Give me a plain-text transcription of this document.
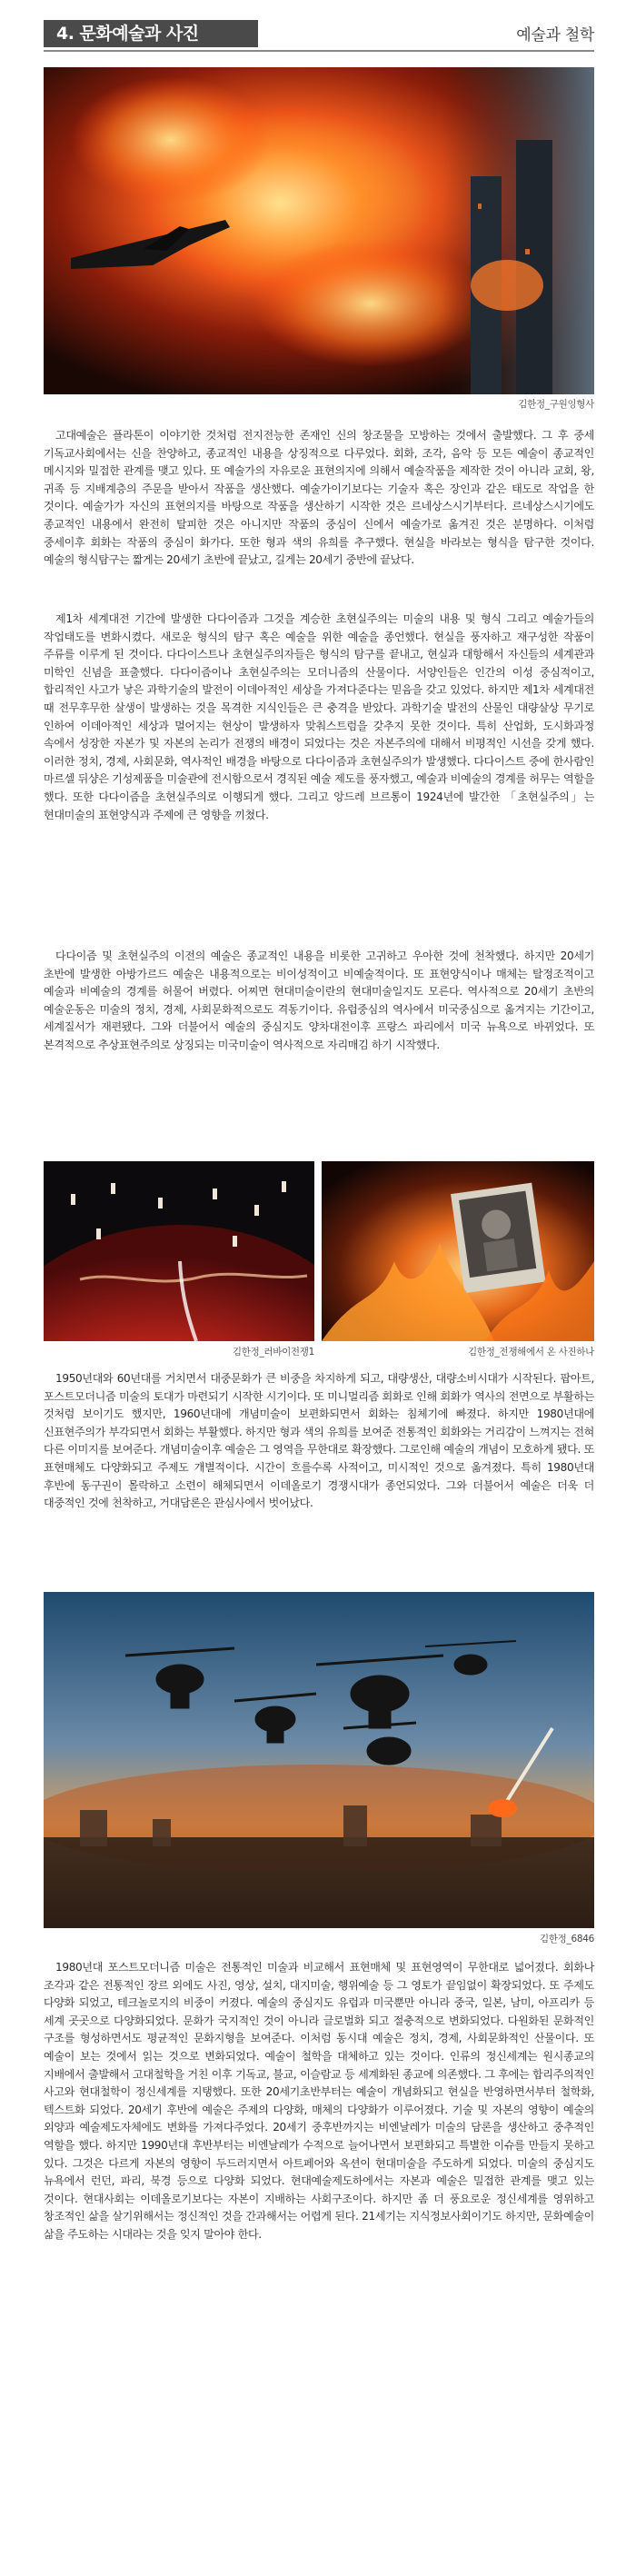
4. 문화예술과 사진	예술과 철학
김한정_구원잉형사

고대예술은 플라톤이 이야기한 것처럼 전지전능한 존재인 신의 창조물을 모방하는 것에서 출발했다. 그 후 중세 기독교사회에서는 신을 찬양하고, 종교적인 내용을 상징적으로 다루었다. 회화, 조각, 음악 등 모든 예술이 종교적인 메시지와 밀접한 관계를 맺고 있다. 또 예술가의 자유로운 표현의지에 의해서 예술작품을 제작한 것이 아니라 교회, 왕, 귀족 등 지배계층의 주문을 받아서 작품을 생산했다. 예술가이기보다는 기술자 혹은 장인과 같은 태도로 작업을 한 것이다. 예술가가 자신의 표현의지를 바탕으로 작품을 생산하기 시작한 것은 르네상스시기부터다. 르네상스시기에도 종교적인 내용에서 완전히 탈피한 것은 아니지만 작품의 중심이 신에서 예술가로 옮겨진 것은 분명하다. 이처럼 중세이후 회화는 작품의 중심이 화가다. 또한 형과 색의 유희를 추구했다. 현실을 바라보는 형식을 탐구한 것이다. 예술의 형식탐구는 짧게는 20세기 초반에 끝났고, 길게는 20세기 중반에 끝났다.

제1차 세계대전 기간에 발생한 다다이즘과 그것을 계승한 초현실주의는 미술의 내용 및 형식 그리고 예술가들의 작업태도를 변화시켰다. 새로운 형식의 탐구 혹은 예술을 위한 예술을 종언했다. 현실을 풍자하고 재구성한 작품이 주류를 이루게 된 것이다. 다다이스트나 초현실주의자들은 형식의 탐구를 끝내고, 현실과 대항해서 자신들의 세계관과 미학인 신념을 표출했다. 다다이즘이나 초현실주의는 모더니즘의 산물이다. 서양인들은 인간의 이성 중심적이고, 합리적인 사고가 낳은 과학기술의 발전이 이데아적인 세상을 가져다준다는 믿음을 갖고 있었다. 하지만 제1차 세계대전 때 전무후무한 살생이 발생하는 것을 목격한 지식인들은 큰 충격을 받았다. 과학기술 발전의 산물인 대량살상 무기로 인하여 이데아적인 세상과 멀어지는 현상이 발생하자 맞춰스트럼을 갖추지 못한 것이다. 특히 산업화, 도시화과정 속에서 성장한 자본가 및 자본의 논리가 전쟁의 배경이 되었다는 것은 자본주의에 대해서 비평적인 시선을 갖게 했다. 이러한 정치, 경제, 사회문화, 역사적인 배경을 바탕으로 다다이즘과 초현실주의가 발생했다. 다다이스트 중에 한사람인 마르셀 뒤샹은 기성제품을 미술관에 전시함으로서 경직된 예술 제도를 풍자했고, 예술과 비예술의 경계를 허무는 역할을 했다. 또한 다다이즘을 초현실주의로 이행되게 했다. 그리고 앙드레 브르통이 1924년에 발간한 「초현실주의」는 현대미술의 표현양식과 주제에 큰 영향을 끼쳤다.

다다이즘 및 초현실주의 이전의 예술은 종교적인 내용을 비롯한 고귀하고 우아한 것에 천착했다. 하지만 20세기 초반에 발생한 아방가르드 예술은 내용적으로는 비이성적이고 비예술적이다. 또 표현양식이나 매체는 탈정조적이고 예술과 비예술의 경계를 허물어 버렸다. 어찌면 현대미술이란의 현대미술일지도 모른다. 역사적으로 20세기 초반의 예술운동은 미술의 정치, 경제, 사회문화적으로도 격동기이다. 유럽중심의 역사에서 미국중심으로 옮겨지는 기간이고, 세계질서가 재편됐다. 그와 더불어서 예술의 중심지도 양차대전이후 프랑스 파리에서 미국 뉴욕으로 바뀌었다. 또 본격적으로 추상표현주의로 상징되는 미국미술이 역사적으로 자리매김 하기 시작했다.

김한정_러바이전쟁1	김한정_전쟁해에서 온 사진하나

1950년대와 60년대를 거치면서 대중문화가 큰 비중을 차지하게 되고, 대량생산, 대량소비시대가 시작된다. 팝아트, 포스트모더니즘 미술의 토대가 마련되기 시작한 시기이다. 또 미니멀리즘 회화로 인해 회화가 역사의 전면으로 부활하는 것처럼 보이기도 했지만, 1960년대에 개념미술이 보편화되면서 회화는 침체기에 빠졌다. 하지만 1980년대에 신표현주의가 부각되면서 회화는 부활했다. 하지만 형과 색의 유희를 보여준 전통적인 회화와는 거리감이 느껴지는 전혀 다른 이미지를 보여준다. 개념미술이후 예술은 그 영역을 무한대로 확장했다. 그로인해 예술의 개념이 모호하게 됐다. 또 표현매체도 다양화되고 주제도 개별적이다. 시간이 흐를수록 사적이고, 미시적인 것으로 옮겨졌다. 특히 1980년대 후반에 동구권이 몰락하고 소련이 해체되면서 이데올로기 경쟁시대가 종언되었다. 그와 더불어서 예술은 더욱 더 대중적인 것에 천착하고, 거대담론은 관심사에서 벗어났다.

김한정_6846

1980년대 포스트모더니즘 미술은 전통적인 미술과 비교해서 표현매체 및 표현영역이 무한대로 넓어졌다. 회화나 조각과 같은 전통적인 장르 외에도 사진, 영상, 설치, 대지미술, 행위예술 등 그 영토가 끝임없이 확장되었다. 또 주제도 다양화 되었고, 테크놀로지의 비중이 커졌다. 예술의 중심지도 유럽과 미국뿐만 아니라 중국, 일본, 남미, 아프리카 등 세계 곳곳으로 다양화되었다. 문화가 국지적인 것이 아니라 글로벌화 되고 절충적으로 변화되었다. 다원화된 문화적인 구조를 형성하면서도 평균적인 문화지형을 보여준다. 이처럼 동시대 예술은 정치, 경제, 사회문화적인 산물이다. 또 예술이 보는 것에서 읽는 것으로 변화되었다. 예술이 철학을 대체하고 있는 것이다. 인류의 정신세계는 원시종교의 지배에서 출발해서 고대철학을 거친 이후 기독교, 불교, 이슬람교 등 세계화된 종교에 의존했다. 그 후에는 합리주의적인 사고와 현대철학이 정신세계를 지탱했다. 또한 20세기초반부터는 예술이 개념화되고 현실을 반영하면서부터 철학화, 텍스트화 되었다. 20세기 후반에 예술은 주제의 다양화, 매체의 다양화가 이루어졌다. 기술 및 자본의 영향이 예술의 외양과 예술제도자체에도 변화를 가져다주었다. 20세기 중후반까지는 비엔날레가 미술의 담론을 생산하고 중추적인 역할을 했다. 하지만 1990년대 후반부터는 비엔날레가 수적으로 늘어나면서 보편화되고 특별한 이슈를 만들지 못하고 있다. 그것은 다르게 자본의 영향이 두드러지면서 아트페어와 옥션이 현대미술을 주도하게 되었다. 미술의 중심지도 뉴욕에서 런던, 파리, 북경 등으로 다양화 되었다. 현대예술제도하에서는 자본과 예술은 밀접한 관계를 맺고 있는 것이다. 현대사회는 이데올로기보다는 자본이 지배하는 사회구조이다. 하지만 좀 더 풍요로운 정신세계를 영위하고 창조적인 삶을 살기위해서는 정신적인 것을 간과해서는 어렵게 된다. 21세기는 지식정보사회이기도 하지만, 문화예술이 삶을 주도하는 시대라는 것을 잊지 말아야 한다.
